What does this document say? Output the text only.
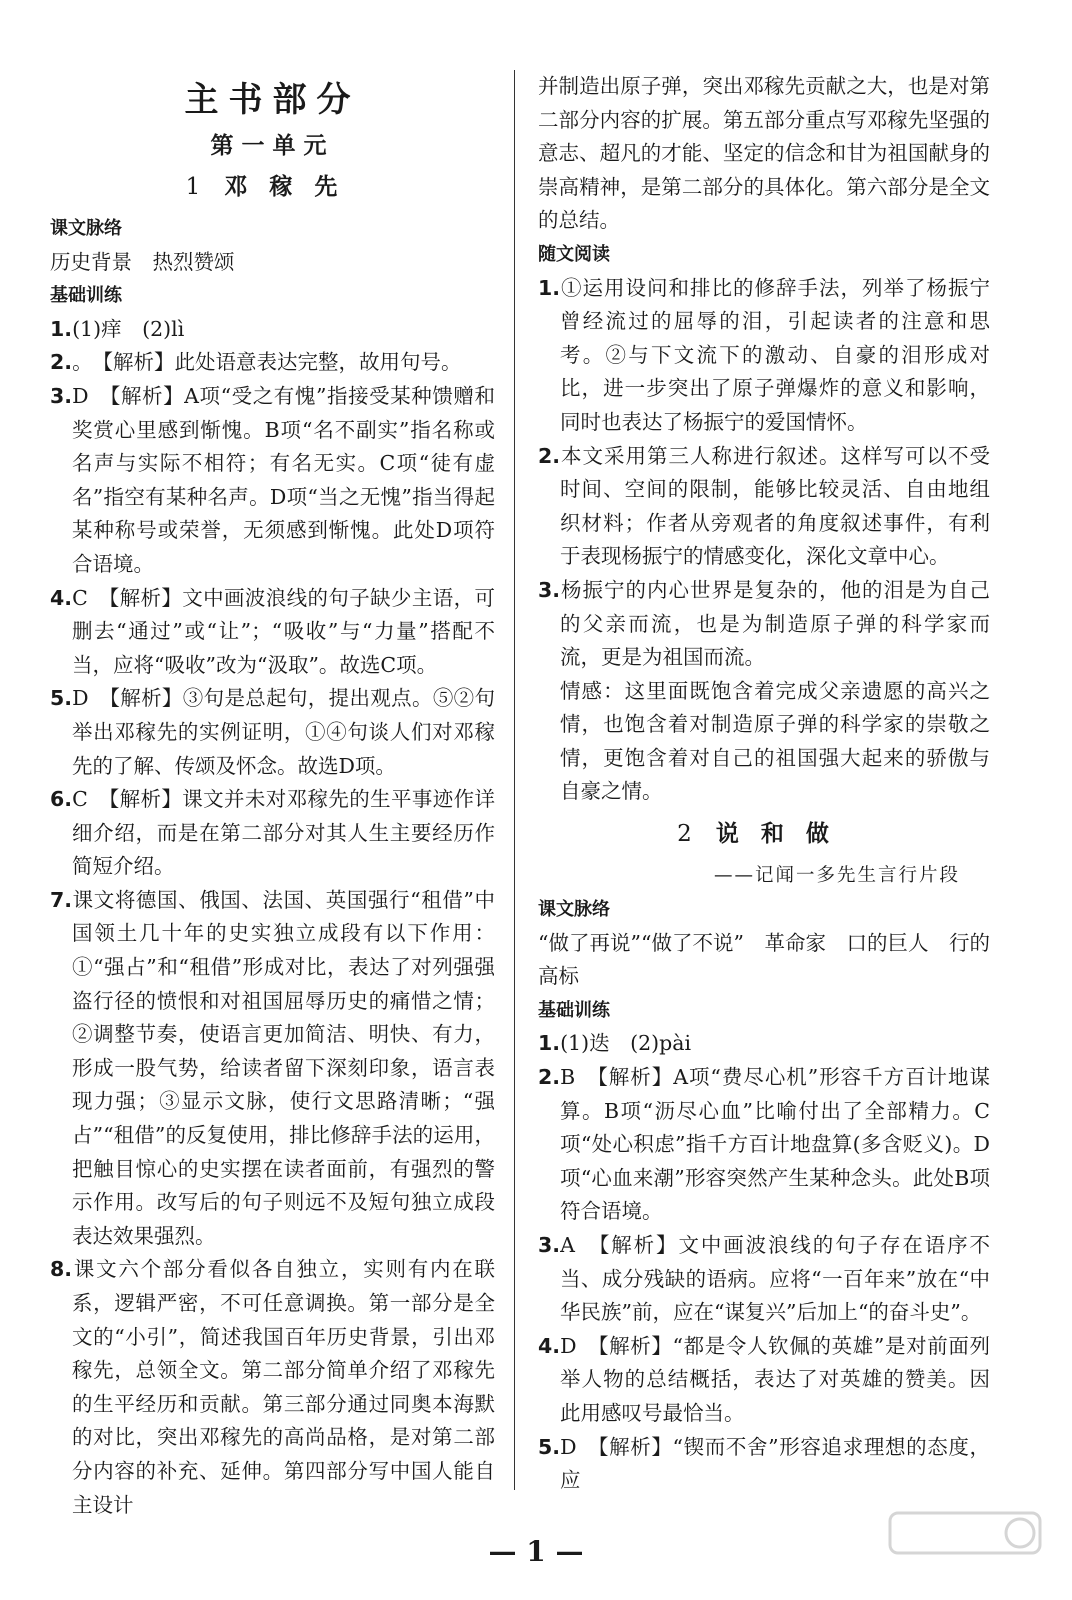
主书部分

第一单元

1 邓稼先

课文脉络

历史背景　热烈赞颂

基础训练

1.(1)痒　(2)lì

2.。　【解析】此处语意表达完整，故用句号。

3.D　【解析】A项“受之有愧”指接受某种馈赠和奖赏心里感到惭愧。B项“名不副实”指名称或名声与实际不相符；有名无实。C项“徒有虚名”指空有某种名声。D项“当之无愧”指当得起某种称号或荣誉，无须感到惭愧。此处D项符合语境。

4.C　【解析】文中画波浪线的句子缺少主语，可删去“通过”或“让”；“吸收”与“力量”搭配不当，应将“吸收”改为“汲取”。故选C项。

5.D　【解析】③句是总起句，提出观点。⑤②句举出邓稼先的实例证明，①④句谈人们对邓稼先的了解、传颂及怀念。故选D项。

6.C　【解析】课文并未对邓稼先的生平事迹作详细介绍，而是在第二部分对其人生主要经历作简短介绍。

7.课文将德国、俄国、法国、英国强行“租借”中国领土几十年的史实独立成段有以下作用：①“强占”和“租借”形成对比，表达了对列强强盗行径的愤恨和对祖国屈辱历史的痛惜之情；②调整节奏，使语言更加简洁、明快、有力，形成一股气势，给读者留下深刻印象，语言表现力强；③显示文脉，使行文思路清晰；“强占”“租借”的反复使用，排比修辞手法的运用，把触目惊心的史实摆在读者面前，有强烈的警示作用。改写后的句子则远不及短句独立成段表达效果强烈。

8.课文六个部分看似各自独立，实则有内在联系，逻辑严密，不可任意调换。第一部分是全文的“小引”，简述我国百年历史背景，引出邓稼先，总领全文。第二部分简单介绍了邓稼先的生平经历和贡献。第三部分通过同奥本海默的对比，突出邓稼先的高尚品格，是对第二部分内容的补充、延伸。第四部分写中国人能自主设计

并制造出原子弹，突出邓稼先贡献之大，也是对第二部分内容的扩展。第五部分重点写邓稼先坚强的意志、超凡的才能、坚定的信念和甘为祖国献身的崇高精神，是第二部分的具体化。第六部分是全文的总结。

随文阅读

1.①运用设问和排比的修辞手法，列举了杨振宁曾经流过的屈辱的泪，引起读者的注意和思考。②与下文流下的激动、自豪的泪形成对比，进一步突出了原子弹爆炸的意义和影响，同时也表达了杨振宁的爱国情怀。

2.本文采用第三人称进行叙述。这样写可以不受时间、空间的限制，能够比较灵活、自由地组织材料；作者从旁观者的角度叙述事件，有利于表现杨振宁的情感变化，深化文章中心。

3.杨振宁的内心世界是复杂的，他的泪是为自己的父亲而流，也是为制造原子弹的科学家而流，更是为祖国而流。

情感：这里面既饱含着完成父亲遗愿的高兴之情，也饱含着对制造原子弹的科学家的崇敬之情，更饱含着对自己的祖国强大起来的骄傲与自豪之情。

2 说和做

——记闻一多先生言行片段

课文脉络

“做了再说”“做了不说”　革命家　口的巨人　行的高标

基础训练

1.(1)迭　(2)pài

2.B　【解析】A项“费尽心机”形容千方百计地谋算。B项“沥尽心血”比喻付出了全部精力。C项“处心积虑”指千方百计地盘算(多含贬义)。D项“心血来潮”形容突然产生某种念头。此处B项符合语境。

3.A　【解析】文中画波浪线的句子存在语序不当、成分残缺的语病。应将“一百年来”放在“中华民族”前，应在“谋复兴”后加上“的奋斗史”。

4.D　【解析】“都是令人钦佩的英雄”是对前面列举人物的总结概括，表达了对英雄的赞美。因此用感叹号最恰当。

5.D　【解析】“锲而不舍”形容追求理想的态度，应

— 1 —
